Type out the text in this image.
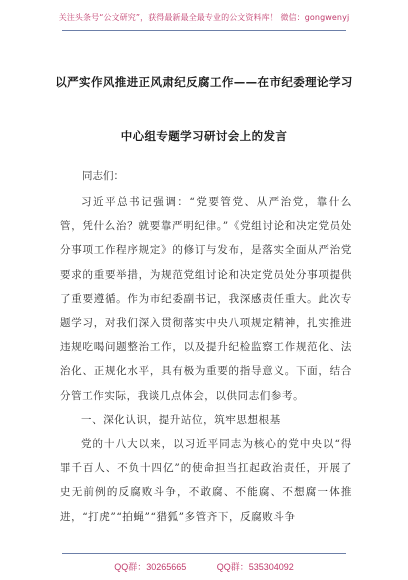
关注头条号“公文研究”，获得最新最全最专业的公文资料库！ 微信：gongwenyj
以严实作风推进正风肃纪反腐工作——在市纪委理论学习
中心组专题学习研讨会上的发言
同志们：

习近平总书记强调：“党要管党、从严治党，靠什么管，凭什么治？就要靠严明纪律。”《党组讨论和决定党员处分事项工作程序规定》的修订与发布，是落实全面从严治党要求的重要举措，为规范党组讨论和决定党员处分事项提供了重要遵循。作为市纪委副书记，我深感责任重大。此次专题学习，对我们深入贯彻落实中央八项规定精神，扎实推进违规吃喝问题整治工作，以及提升纪检监察工作规范化、法治化、正规化水平，具有极为重要的指导意义。下面，结合分管工作实际，我谈几点体会，以供同志们参考。

一、深化认识，提升站位，筑牢思想根基

党的十八大以来，以习近平同志为核心的党中央以“得罪千百人、不负十四亿”的使命担当扛起政治责任，开展了史无前例的反腐败斗争，不敢腐、不能腐、不想腐一体推进，“打虎”“拍蝇”“猎狐”多管齐下，反腐败斗争

QQ群：30265665	QQ群：535304092
